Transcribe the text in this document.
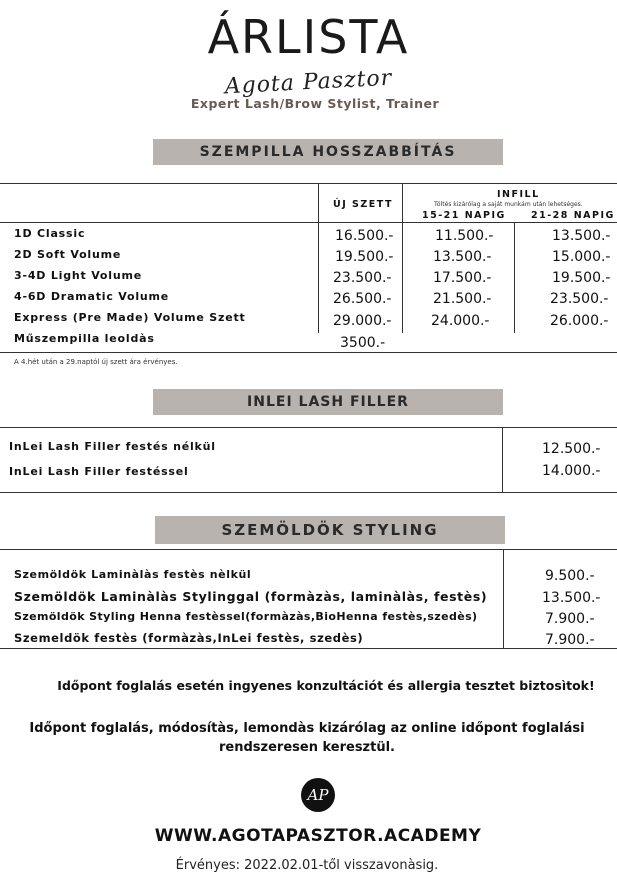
ÁRLISTA
Agota Pasztor
Expert Lash/Brow Stylist, Trainer
SZEMPILLA HOSSZABBÍTÁS
ÚJ SZETT
INFILL
Töltés kizárólag a saját munkám után lehetséges.
15-21 NAPIG	21-28 NAPIG
1D Classic
2D Soft Volume
3-4D Light Volume
4-6D Dramatic Volume
Express (Pre Made) Volume Szett
Műszempilla leoldàs
16.500.-
19.500.-
23.500.-
26.500.-
29.000.-
3500.-
11.500.-
13.500.-
17.500.-
21.500.-
24.000.-
13.500.-
15.000.-
19.500.-
23.500.-
26.000.-
A 4.hét után a 29.naptól új szett ára érvényes.
INLEI LASH FILLER
InLei Lash Filler festés nélkül
InLei Lash Filler festéssel
12.500.-
14.000.-
SZEMÖLDÖK STYLING
Szemöldök Laminàlàs festès nèlkül
Szemöldök Laminàlàs Stylinggal (formàzàs, laminàlàs, festès)
Szemöldök Styling Henna festèssel(formàzàs,BioHenna festès,szedès)
Szemeldök festès (formàzàs,InLei festès, szedès)
9.500.-
13.500.-
7.900.-
7.900.-
Időpont foglalás esetén ingyenes konzultációt és allergia tesztet biztosìtok!
Időpont foglalás, módosítàs, lemondàs kizárólag az online időpont foglalási
rendszeresen keresztül.
AP
WWW.AGOTAPASZTOR.ACADEMY
Érvényes: 2022.02.01-től visszavonàsig.
